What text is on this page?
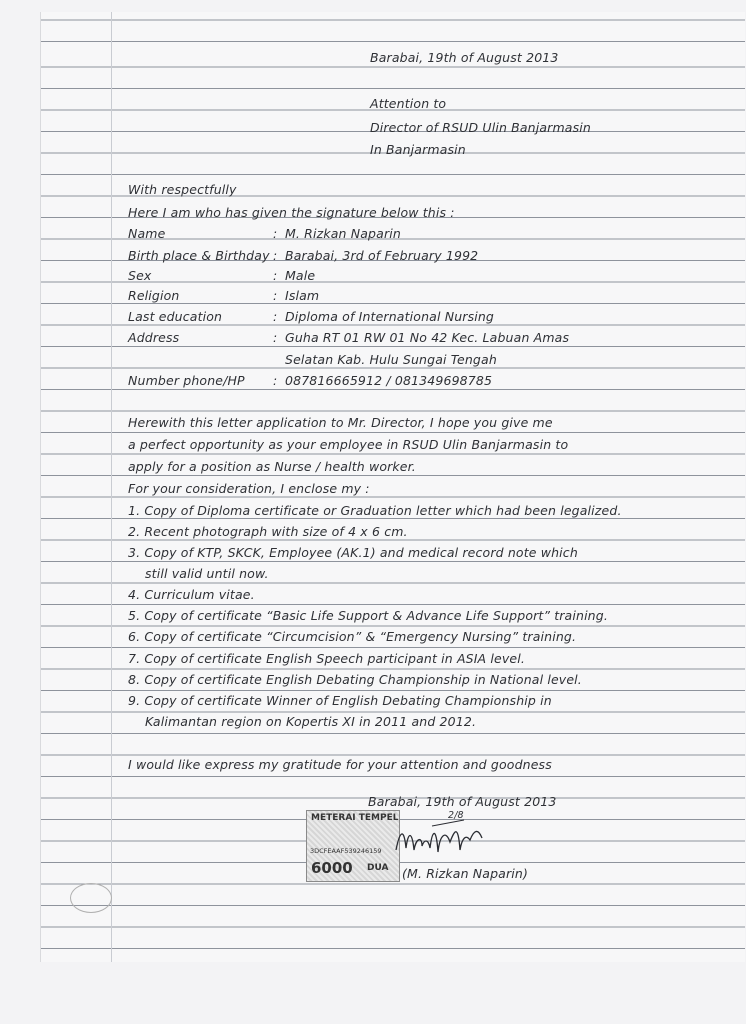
Barabai, 19th of August 2013
Attention to
Director of RSUD Ulin Banjarmasin
In Banjarmasin
With respectfully
Here I am who has given the signature below this :
Name	: M. Rizkan Naparin
Birth place & Birthday : Barabai, 3rd of February 1992
Sex	: Male
Religion	: Islam
Last education	: Diploma of International Nursing
Address	: Guha RT 01 RW 01 No 42 Kec. Labuan Amas
Selatan Kab. Hulu Sungai Tengah
Number phone/HP : 087816665912 / 081349698785
Herewith this letter application to Mr. Director, I hope you give me
a perfect opportunity as your employee in RSUD Ulin Banjarmasin to
apply for a position as Nurse / health worker.
For your consideration, I enclose my :
1. Copy of Diploma certificate or Graduation letter which had been legalized.
2. Recent photograph with size of 4 x 6 cm.
3. Copy of KTP, SKCK, Employee (AK.1) and medical record note which
still valid until now.
4. Curriculum vitae.
5. Copy of certificate “Basic Life Support & Advance Life Support” training.
6. Copy of certificate “Circumcision” & “Emergency Nursing” training.
7. Copy of certificate English Speech participant in ASIA level.
8. Copy of certificate English Debating Championship in National level.
9. Copy of certificate Winner of English Debating Championship in
Kalimantan region on Kopertis XI in 2011 and 2012.
I would like express my gratitude for your attention and goodness
Barabai, 19th of August 2013
METERAI TEMPEL
3DCFEAAF539246159
6000 DUA
2/8
(M. Rizkan Naparin)
